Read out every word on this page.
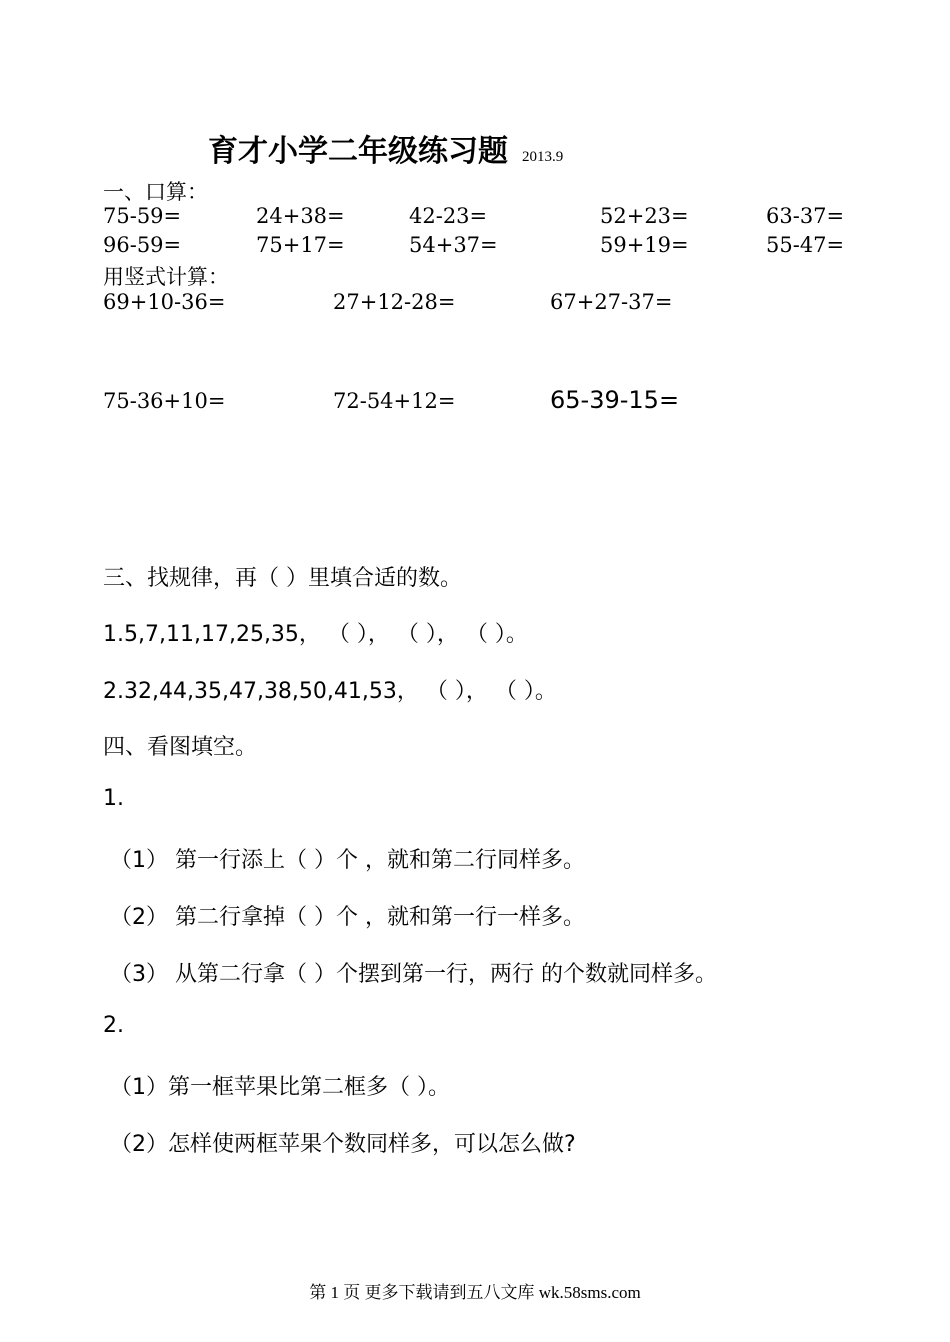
育才小学二年级练习题 2013.9
一、口算：
75-59=	24+38=	42-23=	52+23=	63-37=
96-59=	75+17=	54+37=	59+19=	55-47=
用竖式计算：
69+10-36=	27+12-28=	67+27-37=
75-36+10=	72-54+12=	65-39-15=
三、找规律，再（ ）里填合适的数。
1.5,7,11,17,25,35， （ ）， （ ）， （ ）。
2.32,44,35,47,38,50,41,53， （ ）， （ ）。
四、看图填空。
1.
（1） 第一行添上（ ）个 ，就和第二行同样多。
（2） 第二行拿掉（ ）个 ，就和第一行一样多。
（3） 从第二行拿（ ）个摆到第一行，两行 的个数就同样多。
2.
（1）第一框苹果比第二框多（ ）。
（2）怎样使两框苹果个数同样多，可以怎么做?
第 1 页 更多下载请到五八文库 wk.58sms.com
